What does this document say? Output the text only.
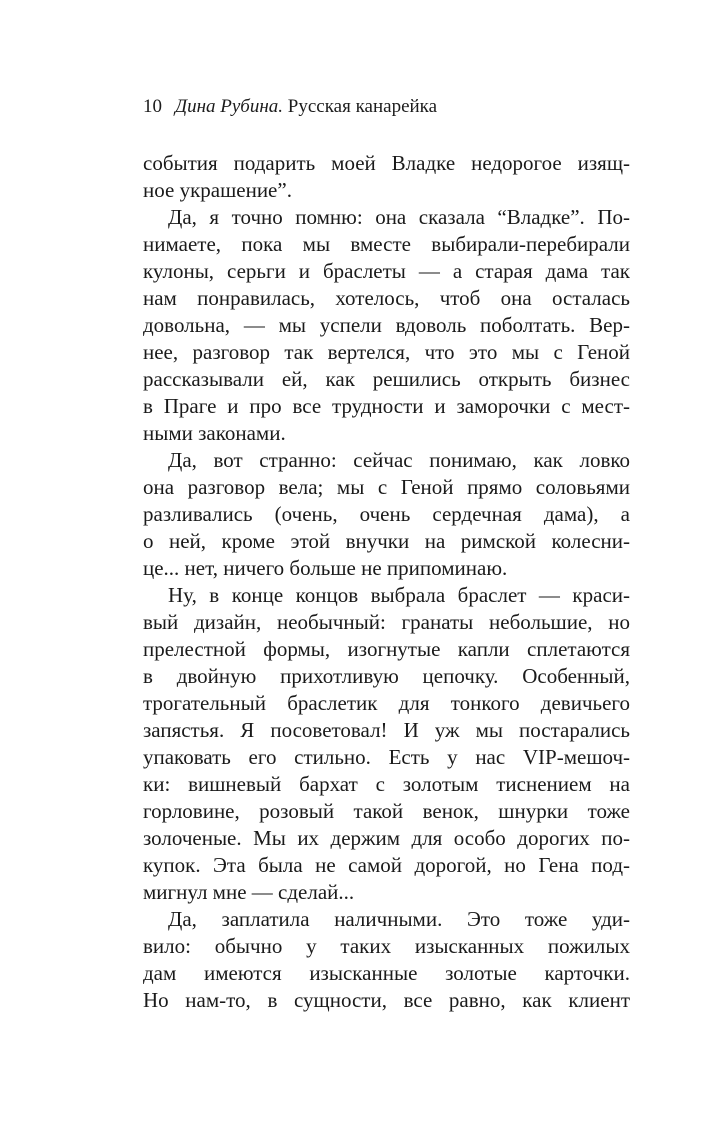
10 Дина Рубина. Русская канарейка
события подарить моей Владке недорогое изящ-
ное украшение”.
Да, я точно помню: она сказала “Владке”. По-
нимаете, пока мы вместе выбирали-перебирали
кулоны, серьги и браслеты — а старая дама так
нам понравилась, хотелось, чтоб она осталась
довольна, — мы успели вдоволь поболтать. Вер-
нее, разговор так вертелся, что это мы с Геной
рассказывали ей, как решились открыть бизнес
в Праге и про все трудности и заморочки с мест-
ными законами.
Да, вот странно: сейчас понимаю, как ловко
она разговор вела; мы с Геной прямо соловьями
разливались (очень, очень сердечная дама), а
о ней, кроме этой внучки на римской колесни-
це... нет, ничего больше не припоминаю.
Ну, в конце концов выбрала браслет — краси-
вый дизайн, необычный: гранаты небольшие, но
прелестной формы, изогнутые капли сплетаются
в двойную прихотливую цепочку. Особенный,
трогательный браслетик для тонкого девичьего
запястья. Я посоветовал! И уж мы постарались
упаковать его стильно. Есть у нас VIP-мешоч-
ки: вишневый бархат с золотым тиснением на
горловине, розовый такой венок, шнурки тоже
золоченые. Мы их держим для особо дорогих по-
купок. Эта была не самой дорогой, но Гена под-
мигнул мне — сделай...
Да, заплатила наличными. Это тоже уди-
вило: обычно у таких изысканных пожилых
дам имеются изысканные золотые карточки.
Но нам-то, в сущности, все равно, как клиент
